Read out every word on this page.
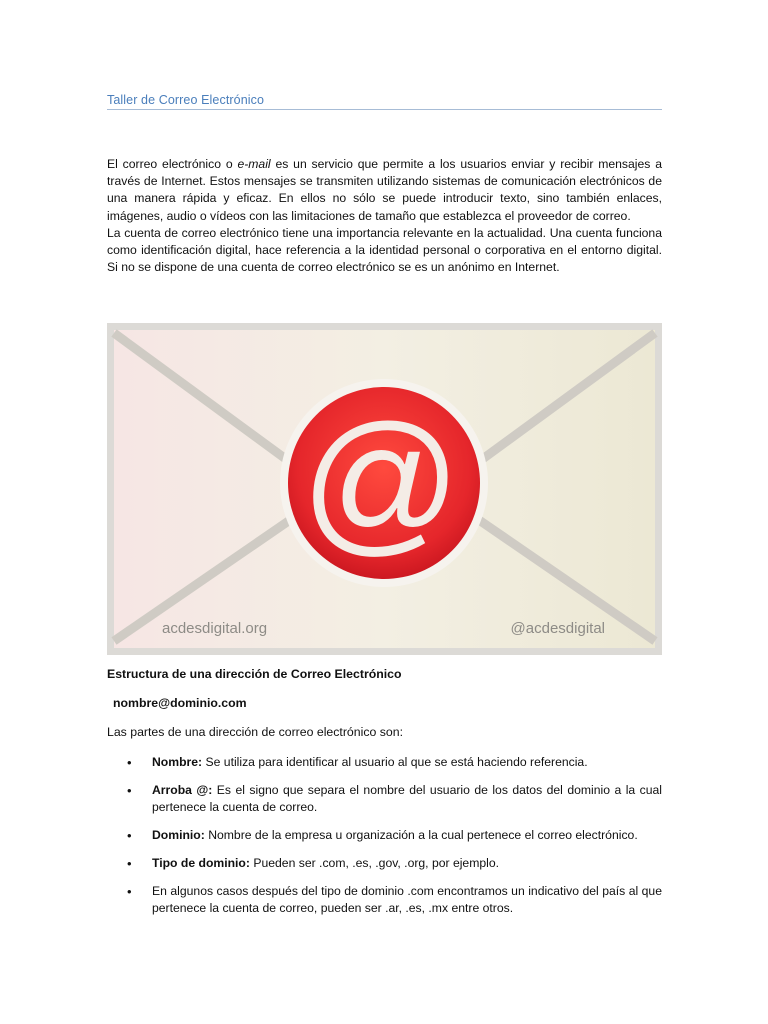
Taller de Correo Electrónico

El correo electrónico o e-mail es un servicio que permite a los usuarios enviar y recibir mensajes a través de Internet. Estos mensajes se transmiten utilizando sistemas de comunicación electrónicos de una manera rápida y eficaz. En ellos no sólo se puede introducir texto, sino también enlaces, imágenes, audio o vídeos con las limitaciones de tamaño que establezca el proveedor de correo.

La cuenta de correo electrónico tiene una importancia relevante en la actualidad. Una cuenta funciona como identificación digital, hace referencia a la identidad personal o corporativa en el entorno digital. Si no se dispone de una cuenta de correo electrónico se es un anónimo en Internet.

@
acdesdigital.org	@acdesdigital
Estructura de una dirección de Correo Electrónico
nombre@dominio.com
Las partes de una dirección de correo electrónico son:
• Nombre: Se utiliza para identificar al usuario al que se está haciendo referencia.
• Arroba @: Es el signo que separa el nombre del usuario de los datos del dominio a la cual pertenece la cuenta de correo.
• Dominio: Nombre de la empresa u organización a la cual pertenece el correo electrónico.
• Tipo de dominio: Pueden ser .com, .es, .gov, .org, por ejemplo.
• En algunos casos después del tipo de dominio .com encontramos un indicativo del país al que pertenece la cuenta de correo, pueden ser .ar, .es, .mx entre otros.
